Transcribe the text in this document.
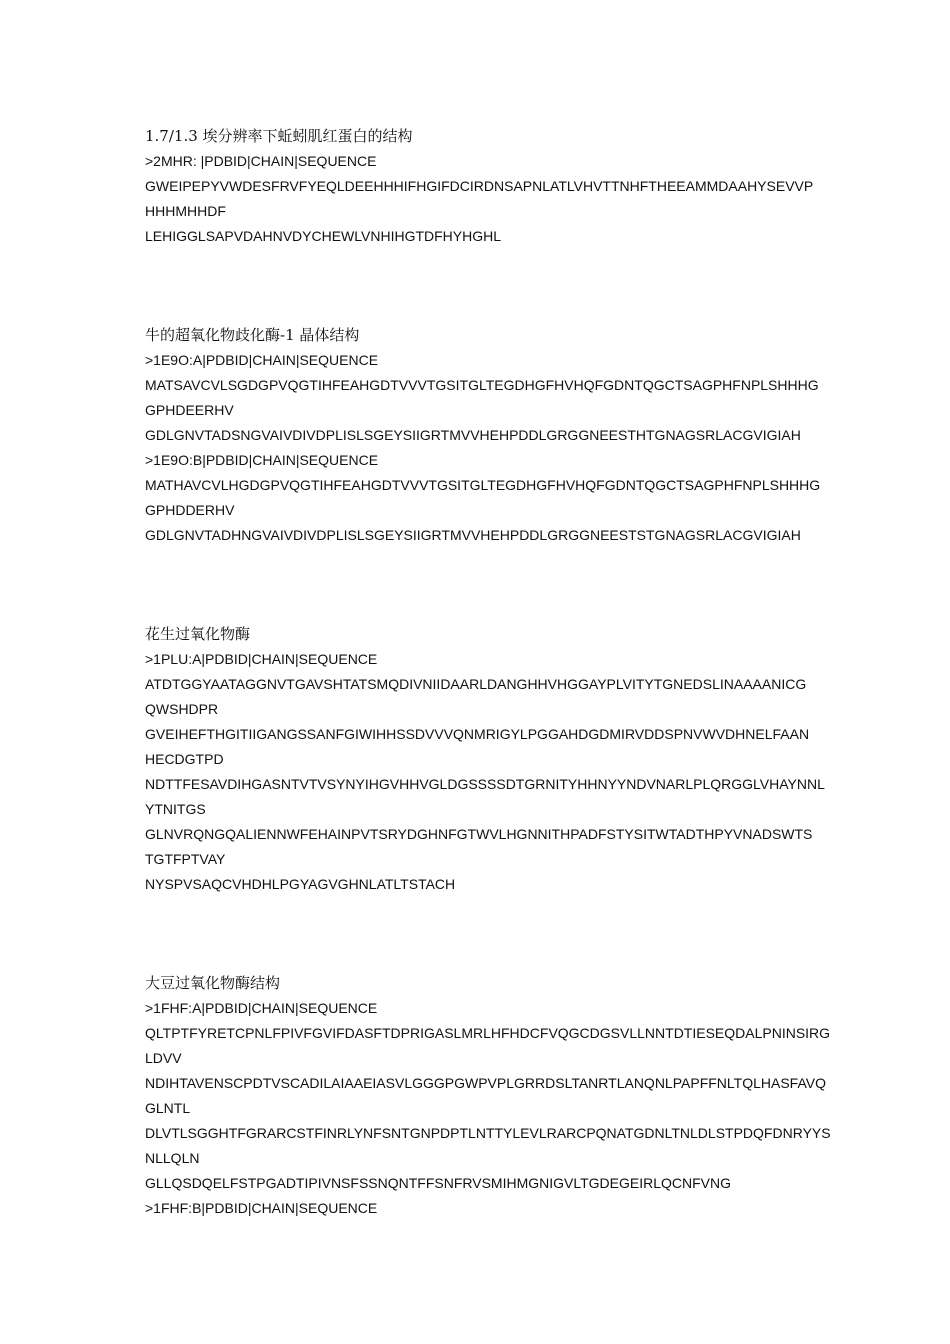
1.7/1.3 埃分辨率下蚯蚓肌红蛋白的结构
>2MHR: |PDBID|CHAIN|SEQUENCE
GWEIPEPYVWDESFRVFYEQLDEEHHHIFHGIFDCIRDNSAPNLATLVHVTTNHFTHEEAMMDAAHYSEVVP
HHHMHHDF
LEHIGGLSAPVDAHNVDYCHEWLVNHIHGTDFHYHGHL
牛的超氧化物歧化酶-1 晶体结构
>1E9O:A|PDBID|CHAIN|SEQUENCE
MATSAVCVLSGDGPVQGTIHFEAHGDTVVVTGSITGLTEGDHGFHVHQFGDNTQGCTSAGPHFNPLSHHHG
GPHDEERHV
GDLGNVTADSNGVAIVDIVDPLISLSGEYSIIGRTMVVHEHPDDLGRGGNEESTHTGNAGSRLACGVIGIAH
>1E9O:B|PDBID|CHAIN|SEQUENCE
MATHAVCVLHGDGPVQGTIHFEAHGDTVVVTGSITGLTEGDHGFHVHQFGDNTQGCTSAGPHFNPLSHHHG
GPHDDERHV
GDLGNVTADHNGVAIVDIVDPLISLSGEYSIIGRTMVVHEHPDDLGRGGNEESTSTGNAGSRLACGVIGIAH
花生过氧化物酶
>1PLU:A|PDBID|CHAIN|SEQUENCE
ATDTGGYAATAGGNVTGAVSHTATSMQDIVNIIDAARLDANGHHVHGGAYPLVITYTGNEDSLINAAAANICG
QWSHDPR
GVEIHEFTHGITIIGANGSSANFGIWIHHSSDVVVQNMRIGYLPGGAHDGDMIRVDDSPNVWVDHNELFAAN
HECDGTPD
NDTTFESAVDIHGASNTVTVSYNYIHGVHHVGLDGSSSSDTGRNITYHHNYYNDVNARLPLQRGGLVHAYNNL
YTNITGS
GLNVRQNGQALIENNWFEHAINPVTSRYDGHNFGTWVLHGNNITHPADFSTYSITWTADTHPYVNADSWTS
TGTFPTVAY
NYSPVSAQCVHDHLPGYAGVGHNLATLTSTACH
大豆过氧化物酶结构
>1FHF:A|PDBID|CHAIN|SEQUENCE
QLTPTFYRETCPNLFPIVFGVIFDASFTDPRIGASLMRLHFHDCFVQGCDGSVLLNNTDTIESEQDALPNINSIRG
LDVV
NDIHTAVENSCPDTVSCADILAIAAEIASVLGGGPGWPVPLGRRDSLTANRTLANQNLPAPFFNLTQLHASFAVQ
GLNTL
DLVTLSGGHTFGRARCSTFINRLYNFSNTGNPDPTLNTTYLEVLRARCPQNATGDNLTNLDLSTPDQFDNRYYS
NLLQLN
GLLQSDQELFSTPGADTIPIVNSFSSNQNTFFSNFRVSMIHMGNIGVLTGDEGEIRLQCNFVNG
>1FHF:B|PDBID|CHAIN|SEQUENCE
